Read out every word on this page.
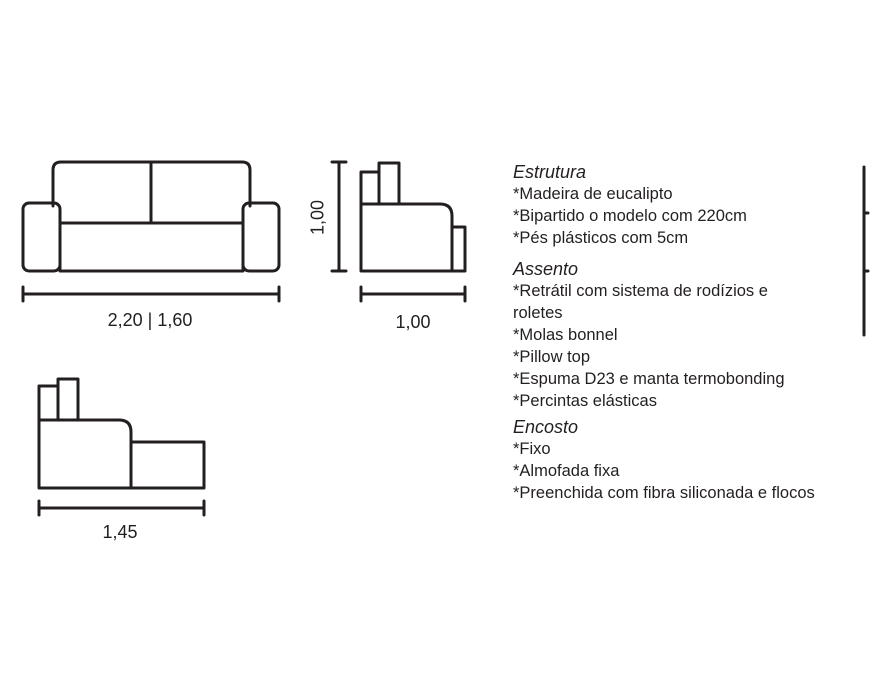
2,20 | 1,60	1,00
1,00
1,45
Estrutura
*Madeira de eucalipto
*Bipartido o modelo com 220cm
*Pés plásticos com 5cm
Assento
*Retrátil com sistema de rodízios e roletes
*Molas bonnel
*Pillow top
*Espuma D23 e manta termobonding
*Percintas elásticas
Encosto
*Fixo
*Almofada fixa
*Preenchida com fibra siliconada e flocos
